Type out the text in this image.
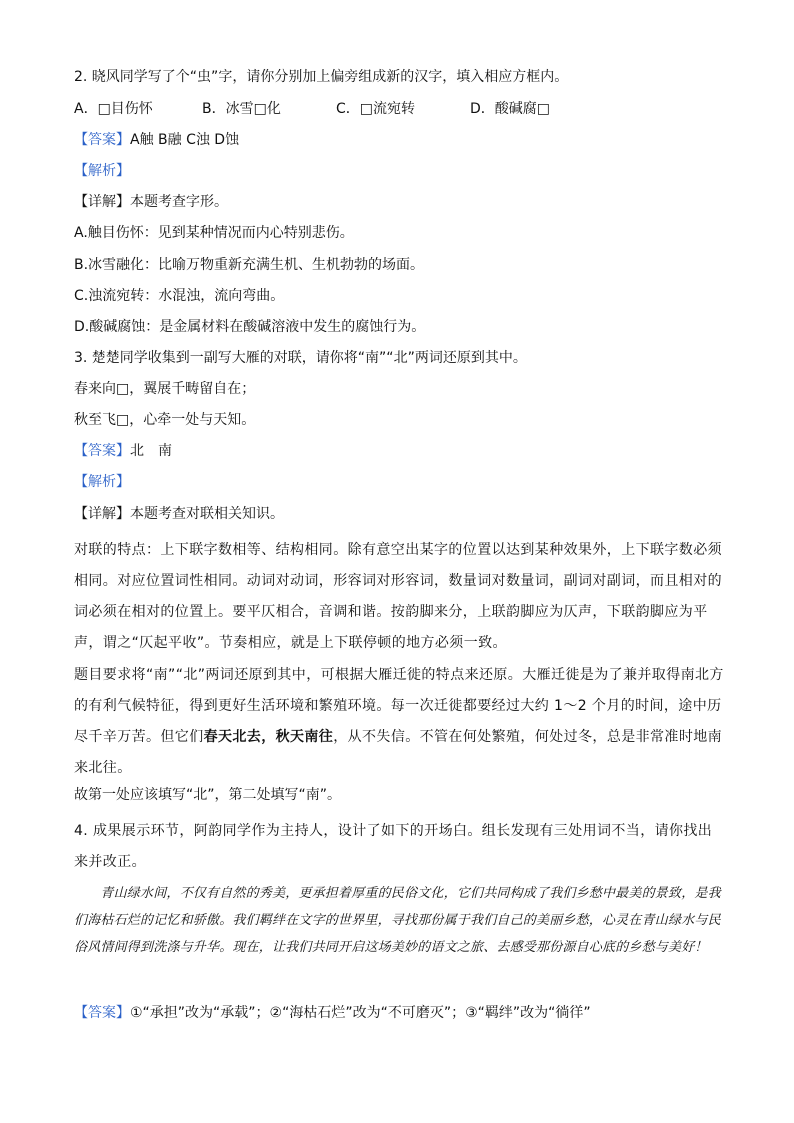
2. 晓风同学写了个“虫”字，请你分别加上偏旁组成新的汉字，填入相应方框内。
A．□目伤怀	B．冰雪□化	C．□流宛转	D．酸碱腐□
【答案】A触 B融 C浊 D蚀
【解析】
【详解】本题考查字形。
A.触目伤怀：见到某种情况而内心特别悲伤。
B.冰雪融化：比喻万物重新充满生机、生机勃勃的场面。
C.浊流宛转：水混浊，流向弯曲。
D.酸碱腐蚀：是金属材料在酸碱溶液中发生的腐蚀行为。
3. 楚楚同学收集到一副写大雁的对联，请你将“南”“北”两词还原到其中。
春来向□，翼展千畴留自在；
秋至飞□，心牵一处与天知。
【答案】北　南
【解析】
【详解】本题考查对联相关知识。
对联的特点：上下联字数相等、结构相同。除有意空出某字的位置以达到某种效果外，上下联字数必须相同。对应位置词性相同。动词对动词，形容词对形容词，数量词对数量词，副词对副词，而且相对的词必须在相对的位置上。要平仄相合，音调和谐。按韵脚来分，上联韵脚应为仄声，下联韵脚应为平声，谓之“仄起平收”。节奏相应，就是上下联停顿的地方必须一致。
题目要求将“南”“北”两词还原到其中，可根据大雁迁徙的特点来还原。大雁迁徙是为了兼并取得南北方的有利气候特征，得到更好生活环境和繁殖环境。每一次迁徙都要经过大约 1～2 个月的时间，途中历尽千辛万苦。但它们春天北去，秋天南往，从不失信。不管在何处繁殖，何处过冬，总是非常准时地南来北往。
故第一处应该填写“北”，第二处填写“南”。
4. 成果展示环节，阿韵同学作为主持人，设计了如下的开场白。组长发现有三处用词不当，请你找出来并改正。
　　青山绿水间，不仅有自然的秀美，更承担着厚重的民俗文化，它们共同构成了我们乡愁中最美的景致，是我们海枯石烂的记忆和骄傲。我们羁绊在文字的世界里，寻找那份属于我们自己的美丽乡愁，心灵在青山绿水与民俗风情间得到洗涤与升华。现在，让我们共同开启这场美妙的语文之旅、去感受那份源自心底的乡愁与美好！
【答案】①“承担”改为“承载”；②“海枯石烂”改为“不可磨灭”；③“羁绊”改为“徜徉”
